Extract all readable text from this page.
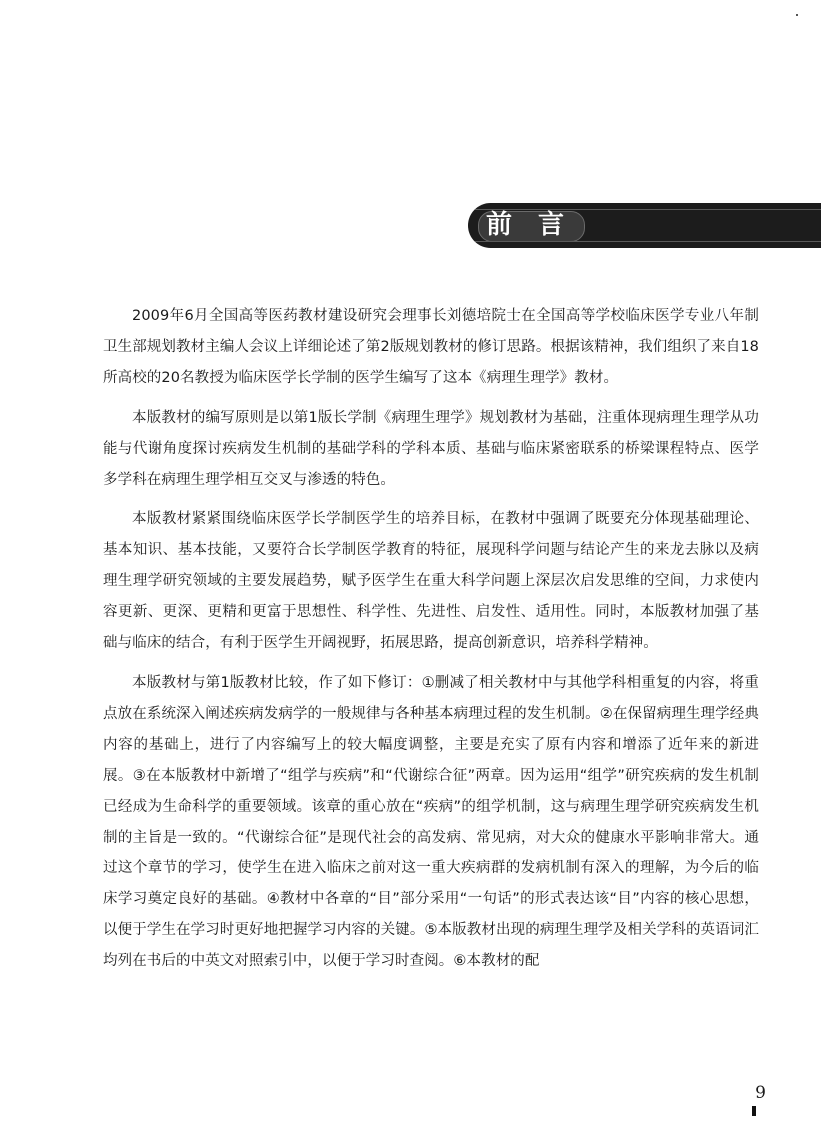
前言

2009年6月全国高等医药教材建设研究会理事长刘德培院士在全国高等学校临床医学专业八年制卫生部规划教材主编人会议上详细论述了第2版规划教材的修订思路。根据该精神，我们组织了来自18所高校的20名教授为临床医学长学制的医学生编写了这本《病理生理学》教材。

本版教材的编写原则是以第1版长学制《病理生理学》规划教材为基础，注重体现病理生理学从功能与代谢角度探讨疾病发生机制的基础学科的学科本质、基础与临床紧密联系的桥梁课程特点、医学多学科在病理生理学相互交叉与渗透的特色。

本版教材紧紧围绕临床医学长学制医学生的培养目标，在教材中强调了既要充分体现基础理论、基本知识、基本技能，又要符合长学制医学教育的特征，展现科学问题与结论产生的来龙去脉以及病理生理学研究领域的主要发展趋势，赋予医学生在重大科学问题上深层次启发思维的空间，力求使内容更新、更深、更精和更富于思想性、科学性、先进性、启发性、适用性。同时，本版教材加强了基础与临床的结合，有利于医学生开阔视野，拓展思路，提高创新意识，培养科学精神。

本版教材与第1版教材比较，作了如下修订：①删减了相关教材中与其他学科相重复的内容，将重点放在系统深入阐述疾病发病学的一般规律与各种基本病理过程的发生机制。②在保留病理生理学经典内容的基础上，进行了内容编写上的较大幅度调整，主要是充实了原有内容和增添了近年来的新进展。③在本版教材中新增了“组学与疾病”和“代谢综合征”两章。因为运用“组学”研究疾病的发生机制已经成为生命科学的重要领域。该章的重心放在“疾病”的组学机制，这与病理生理学研究疾病发生机制的主旨是一致的。“代谢综合征”是现代社会的高发病、常见病，对大众的健康水平影响非常大。通过这个章节的学习，使学生在进入临床之前对这一重大疾病群的发病机制有深入的理解，为今后的临床学习奠定良好的基础。④教材中各章的“目”部分采用“一句话”的形式表达该“目”内容的核心思想，以便于学生在学习时更好地把握学习内容的关键。⑤本版教材出现的病理生理学及相关学科的英语词汇均列在书后的中英文对照索引中，以便于学习时查阅。⑥本教材的配

9
